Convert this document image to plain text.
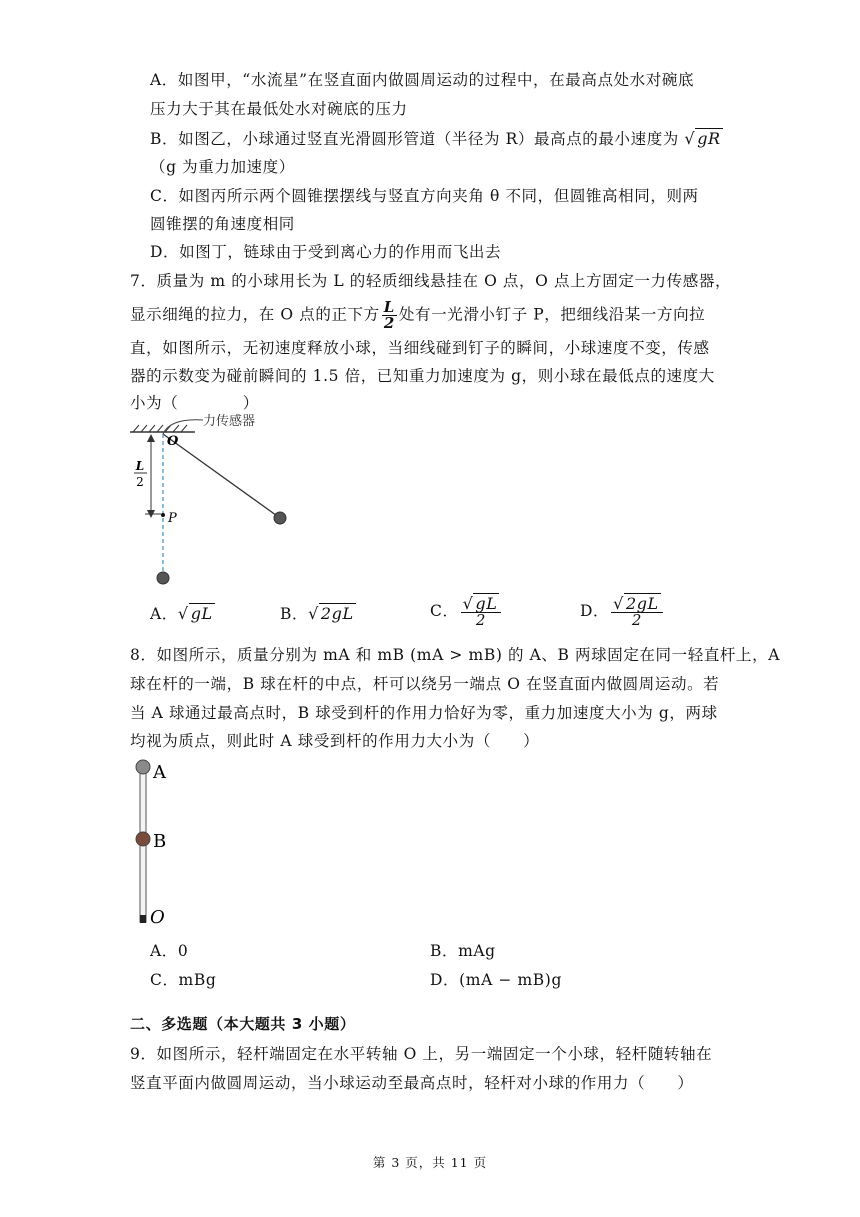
A．如图甲，“水流星”在竖直面内做圆周运动的过程中，在最高点处水对碗底
压力大于其在最低处水对碗底的压力
B．如图乙，小球通过竖直光滑圆形管道（半径为 R）最高点的最小速度为 √ gR
（g 为重力加速度）
C．如图丙所示两个圆锥摆摆线与竖直方向夹角 θ 不同，但圆锥高相同，则两
圆锥摆的角速度相同
D．如图丁，链球由于受到离心力的作用而飞出去
7．质量为 m 的小球用长为 L 的轻质细线悬挂在 O 点，O 点上方固定一力传感器，
显示细绳的拉力，在 O 点的正下方 $\frac{L}{2}$ 处有一光滑小钉子 P，把细线沿某一方向拉
直，如图所示，无初速度释放小球，当细线碰到钉子的瞬间，小球速度不变，传感
器的示数变为碰前瞬间的 1.5 倍，已知重力加速度为 g，则小球在最低点的速度大
小为（　　　　）
力传感器
O
P
L
2
A．√ gL	B．√ 2gL	C． $\frac{√ gL}{2}$	D． $\frac{√ 2gL}{2}$
8．如图所示，质量分别为 mA 和 mB (mA > mB) 的 A、B 两球固定在同一轻直杆上，A
球在杆的一端，B 球在杆的中点，杆可以绕另一端点 O 在竖直面内做圆周运动。若
当 A 球通过最高点时，B 球受到杆的作用力恰好为零，重力加速度大小为 g，两球
均视为质点，则此时 A 球受到杆的作用力大小为（　　）
A
B
O
A．0	B．mAg
C．mBg	D．(mA − mB)g
二、多选题（本大题共 3 小题）
9．如图所示，轻杆端固定在水平转轴 O 上，另一端固定一个小球，轻杆随转轴在
竖直平面内做圆周运动，当小球运动至最高点时，轻杆对小球的作用力（　　）
第 3 页，共 11 页
